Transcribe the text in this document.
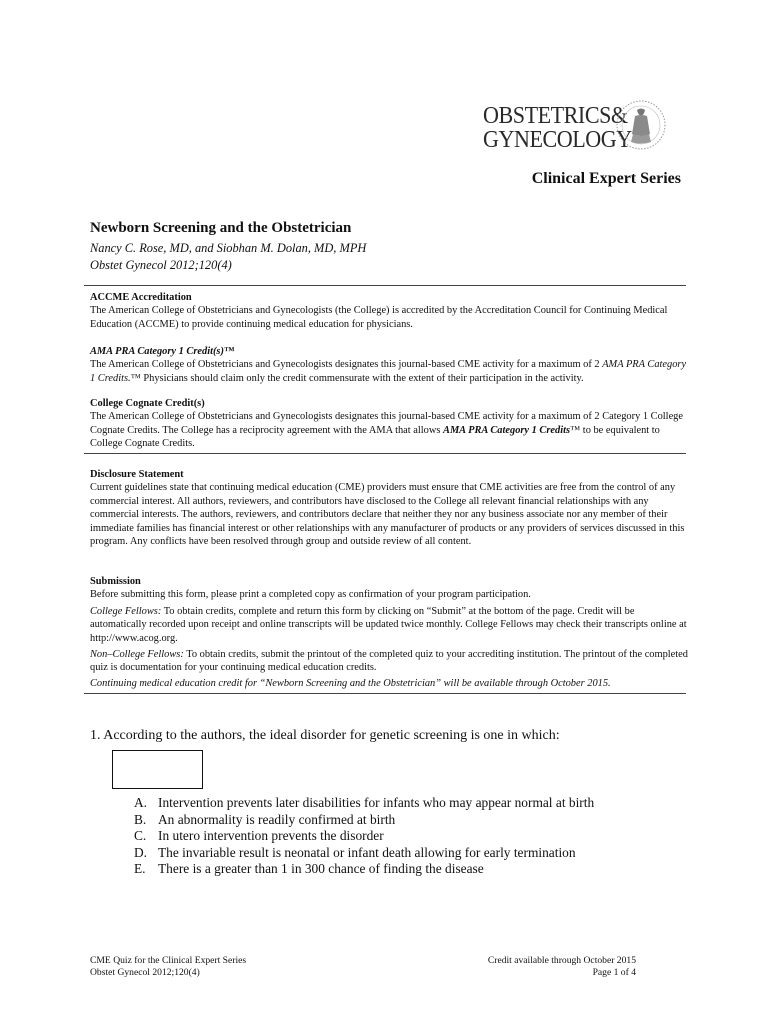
OBSTETRICS&
GYNECOLOGY
Clinical Expert Series
Newborn Screening and the Obstetrician
Nancy C. Rose, MD, and Siobhan M. Dolan, MD, MPH
Obstet Gynecol 2012;120(4)
ACCME Accreditation
The American College of Obstetricians and Gynecologists (the College) is accredited by the Accreditation Council for Continuing Medical Education (ACCME) to provide continuing medical education for physicians.
AMA PRA Category 1 Credit(s)™
The American College of Obstetricians and Gynecologists designates this journal-based CME activity for a maximum of 2 AMA PRA Category 1 Credits.™ Physicians should claim only the credit commensurate with the extent of their participation in the activity.
College Cognate Credit(s)
The American College of Obstetricians and Gynecologists designates this journal-based CME activity for a maximum of 2 Category 1 College Cognate Credits. The College has a reciprocity agreement with the AMA that allows AMA PRA Category 1 Credits™ to be equivalent to College Cognate Credits.
Disclosure Statement
Current guidelines state that continuing medical education (CME) providers must ensure that CME activities are free from the control of any commercial interest. All authors, reviewers, and contributors have disclosed to the College all relevant financial relationships with any commercial interests. The authors, reviewers, and contributors declare that neither they nor any business associate nor any member of their immediate families has financial interest or other relationships with any manufacturer of products or any providers of services discussed in this program. Any conflicts have been resolved through group and outside review of all content.
Submission
Before submitting this form, please print a completed copy as confirmation of your program participation.
College Fellows: To obtain credits, complete and return this form by clicking on “Submit” at the bottom of the page. Credit will be automatically recorded upon receipt and online transcripts will be updated twice monthly. College Fellows may check their transcripts online at http://www.acog.org.
Non–College Fellows: To obtain credits, submit the printout of the completed quiz to your accrediting institution. The printout of the completed quiz is documentation for your continuing medical education credits.
Continuing medical education credit for “Newborn Screening and the Obstetrician” will be available through October 2015.
1. According to the authors, the ideal disorder for genetic screening is one in which:
A. Intervention prevents later disabilities for infants who may appear normal at birth
B. An abnormality is readily confirmed at birth
C. In utero intervention prevents the disorder
D. The invariable result is neonatal or infant death allowing for early termination
E. There is a greater than 1 in 300 chance of finding the disease
CME Quiz for the Clinical Expert Series
Obstet Gynecol 2012;120(4)
Credit available through October 2015
Page 1 of 4
